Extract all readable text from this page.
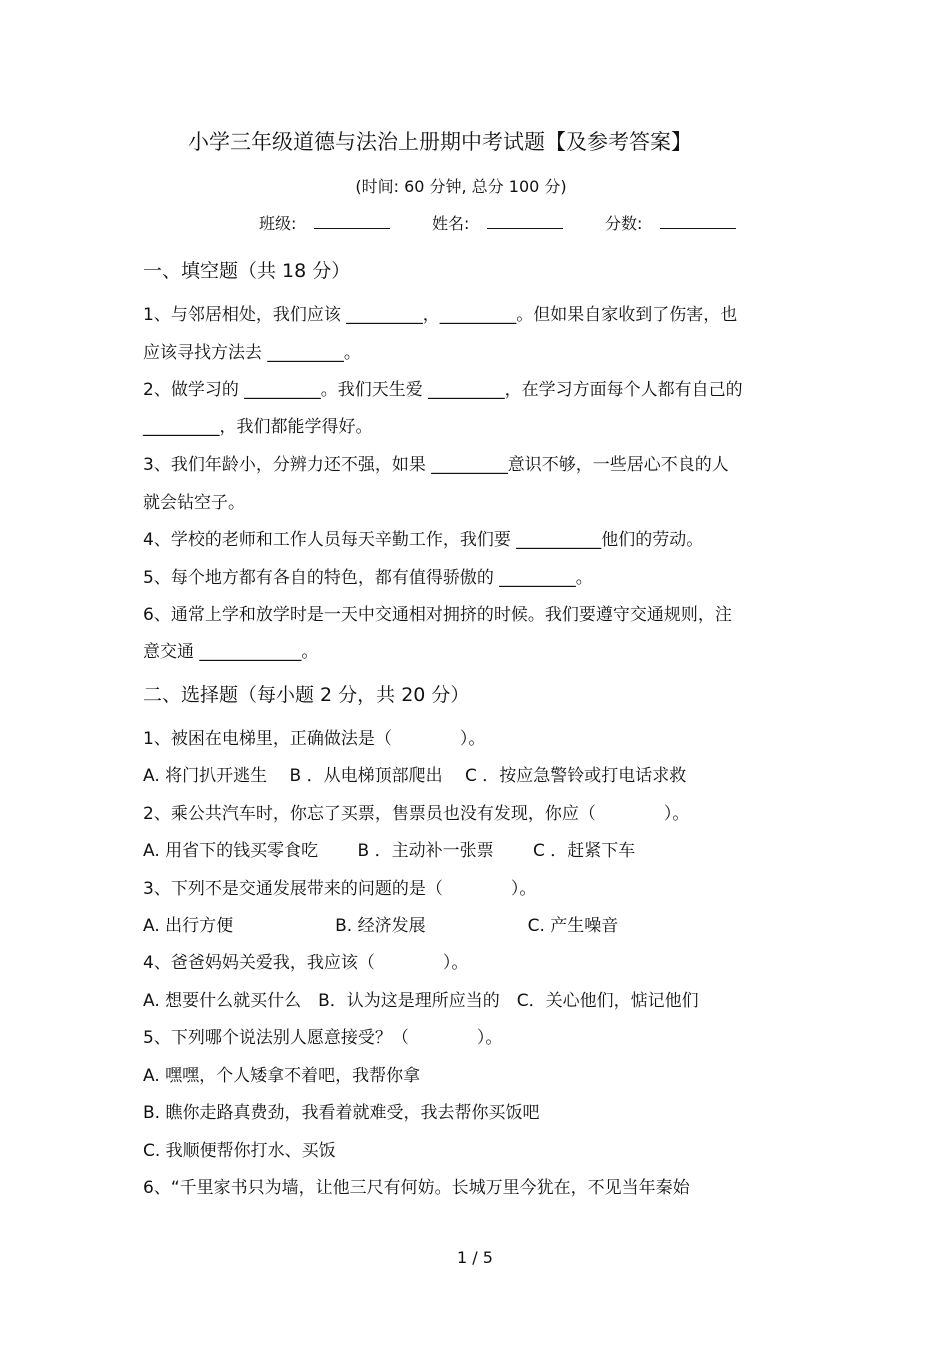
小学三年级道德与法治上册期中考试题【及参考答案】
(时间: 60 分钟, 总分 100 分)
班级:	姓名:	分数:
一、填空题（共 18 分）
1、与邻居相处，我们应该 _________，_________。但如果自家收到了伤害，也
应该寻找方法去 _________。
2、做学习的 _________。我们天生爱 _________，在学习方面每个人都有自己的
_________，我们都能学得好。
3、我们年龄小，分辨力还不强，如果 _________意识不够，一些居心不良的人
就会钻空子。
4、学校的老师和工作人员每天辛勤工作，我们要 __________他们的劳动。
5、每个地方都有各自的特色，都有值得骄傲的 _________。
6、通常上学和放学时是一天中交通相对拥挤的时候。我们要遵守交通规则，注
意交通 ____________。
二、选择题（每小题 2 分，共 20 分）
1、被困在电梯里，正确做法是（　　　　）。
A. 将门扒开逃生　 B ．从电梯顶部爬出　 C ．按应急警铃或打电话求救
2、乘公共汽车时，你忘了买票，售票员也没有发现，你应（　　　　）。
A. 用省下的钱买零食吃　　 B ．主动补一张票　　 C ．赶紧下车
3、下列不是交通发展带来的问题的是（　　　　）。
A. 出行方便　　　　　　B. 经济发展　　　　　　C. 产生噪音
4、爸爸妈妈关爱我，我应该（　　　　）。
A. 想要什么就买什么　B．认为这是理所应当的　C．关心他们，惦记他们
5、下列哪个说法别人愿意接受？（　　　　）。
A. 嘿嘿，个人矮拿不着吧，我帮你拿
B. 瞧你走路真费劲，我看着就难受，我去帮你买饭吧
C. 我顺便帮你打水、买饭
6、“千里家书只为墙，让他三尺有何妨。长城万里今犹在，不见当年秦始
1 / 5
